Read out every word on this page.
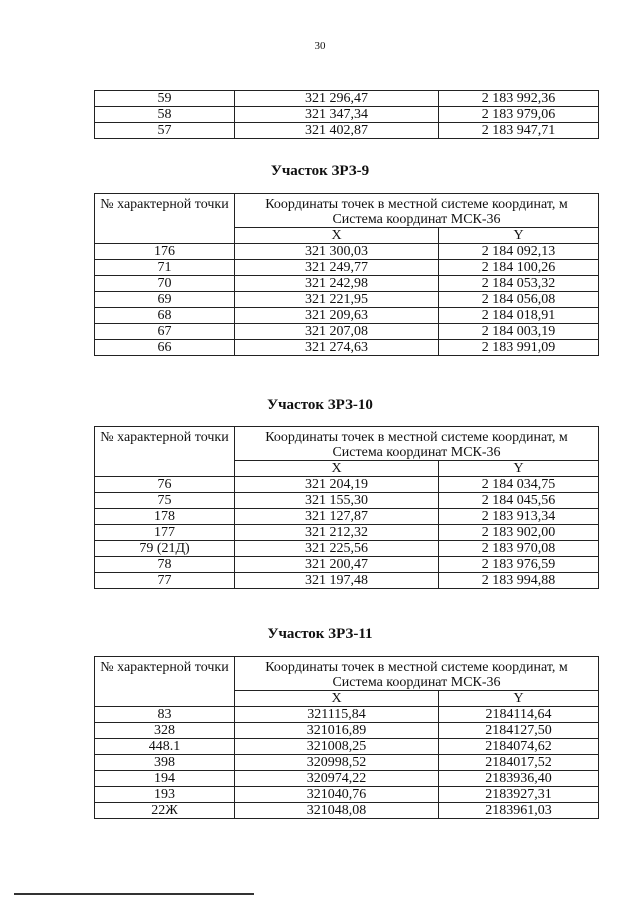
30
59	321 296,47	2 183 992,36
58	321 347,34	2 183 979,06
57	321 402,87	2 183 947,71
Участок ЗРЗ-9
№ характерной точки	Координаты точек в местной системе координат, м
Система координат МСК-36	
	X	Y
176	321 300,03	2 184 092,13
71	321 249,77	2 184 100,26
70	321 242,98	2 184 053,32
69	321 221,95	2 184 056,08
68	321 209,63	2 184 018,91
67	321 207,08	2 184 003,19
66	321 274,63	2 183 991,09
Участок ЗРЗ-10
№ характерной точки	Координаты точек в местной системе координат, м
Система координат МСК-36	
	X	Y
76	321 204,19	2 184 034,75
75	321 155,30	2 184 045,56
178	321 127,87	2 183 913,34
177	321 212,32	2 183 902,00
79 (21Д)	321 225,56	2 183 970,08
78	321 200,47	2 183 976,59
77	321 197,48	2 183 994,88
Участок ЗРЗ-11
№ характерной точки	Координаты точек в местной системе координат, м
Система координат МСК-36	
	X	Y
83	321115,84	2184114,64
328	321016,89	2184127,50
448.1	321008,25	2184074,62
398	320998,52	2184017,52
194	320974,22	2183936,40
193	321040,76	2183927,31
22Ж	321048,08	2183961,03
